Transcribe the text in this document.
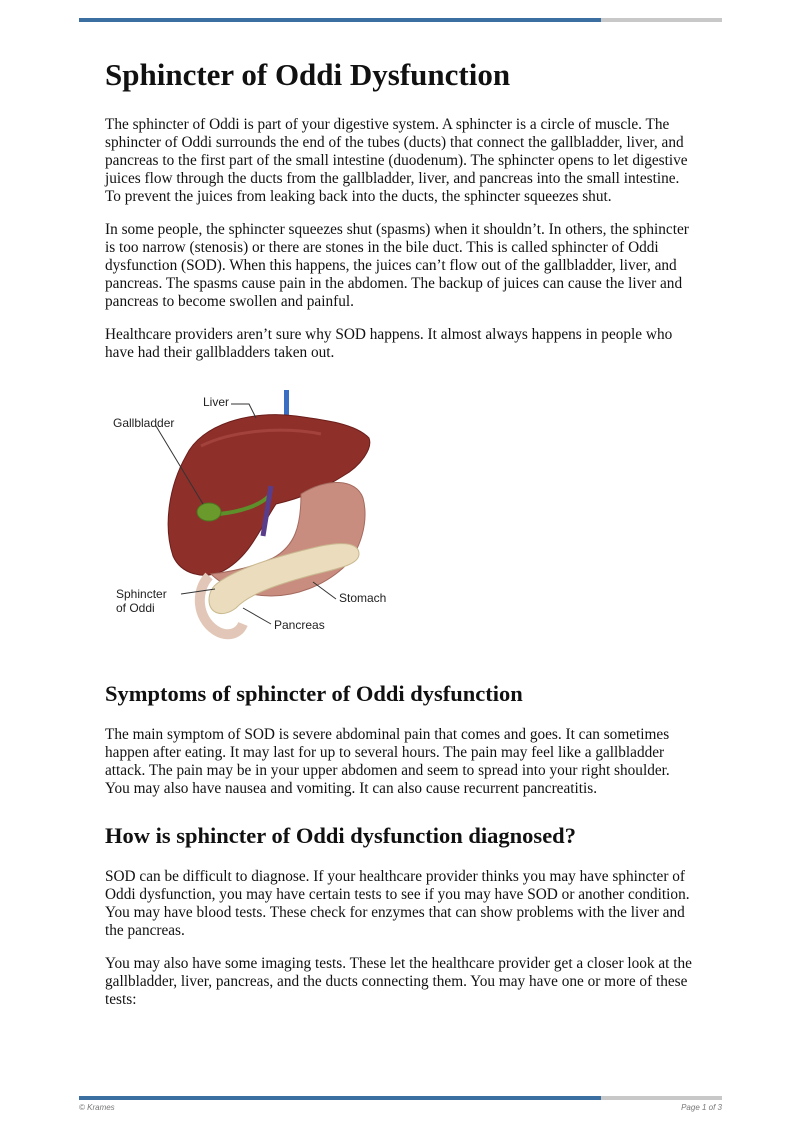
Sphincter of Oddi Dysfunction

The sphincter of Oddi is part of your digestive system. A sphincter is a circle of muscle. The sphincter of Oddi surrounds the end of the tubes (ducts) that connect the gallbladder, liver, and pancreas to the first part of the small intestine (duodenum). The sphincter opens to let digestive juices flow through the ducts from the gallbladder, liver, and pancreas into the small intestine. To prevent the juices from leaking back into the ducts, the sphincter squeezes shut.

In some people, the sphincter squeezes shut (spasms) when it shouldn’t. In others, the sphincter is too narrow (stenosis) or there are stones in the bile duct. This is called sphincter of Oddi dysfunction (SOD). When this happens, the juices can’t flow out of the gallbladder, liver, and pancreas. The spasms cause pain in the abdomen. The backup of juices can cause the liver and pancreas to become swollen and painful.

Healthcare providers aren’t sure why SOD happens. It almost always happens in people who have had their gallbladders taken out.

Liver
Gallbladder
Sphincter
of Oddi
Stomach
Pancreas
Symptoms of sphincter of Oddi dysfunction

The main symptom of SOD is severe abdominal pain that comes and goes. It can sometimes happen after eating. It may last for up to several hours. The pain may feel like a gallbladder attack. The pain may be in your upper abdomen and seem to spread into your right shoulder. You may also have nausea and vomiting. It can also cause recurrent pancreatitis.

How is sphincter of Oddi dysfunction diagnosed?

SOD can be difficult to diagnose. If your healthcare provider thinks you may have sphincter of Oddi dysfunction, you may have certain tests to see if you may have SOD or another condition. You may have blood tests. These check for enzymes that can show problems with the liver and the pancreas.

You may also have some imaging tests. These let the healthcare provider get a closer look at the gallbladder, liver, pancreas, and the ducts connecting them. You may have one or more of these tests:

© Krames	Page 1 of 3
